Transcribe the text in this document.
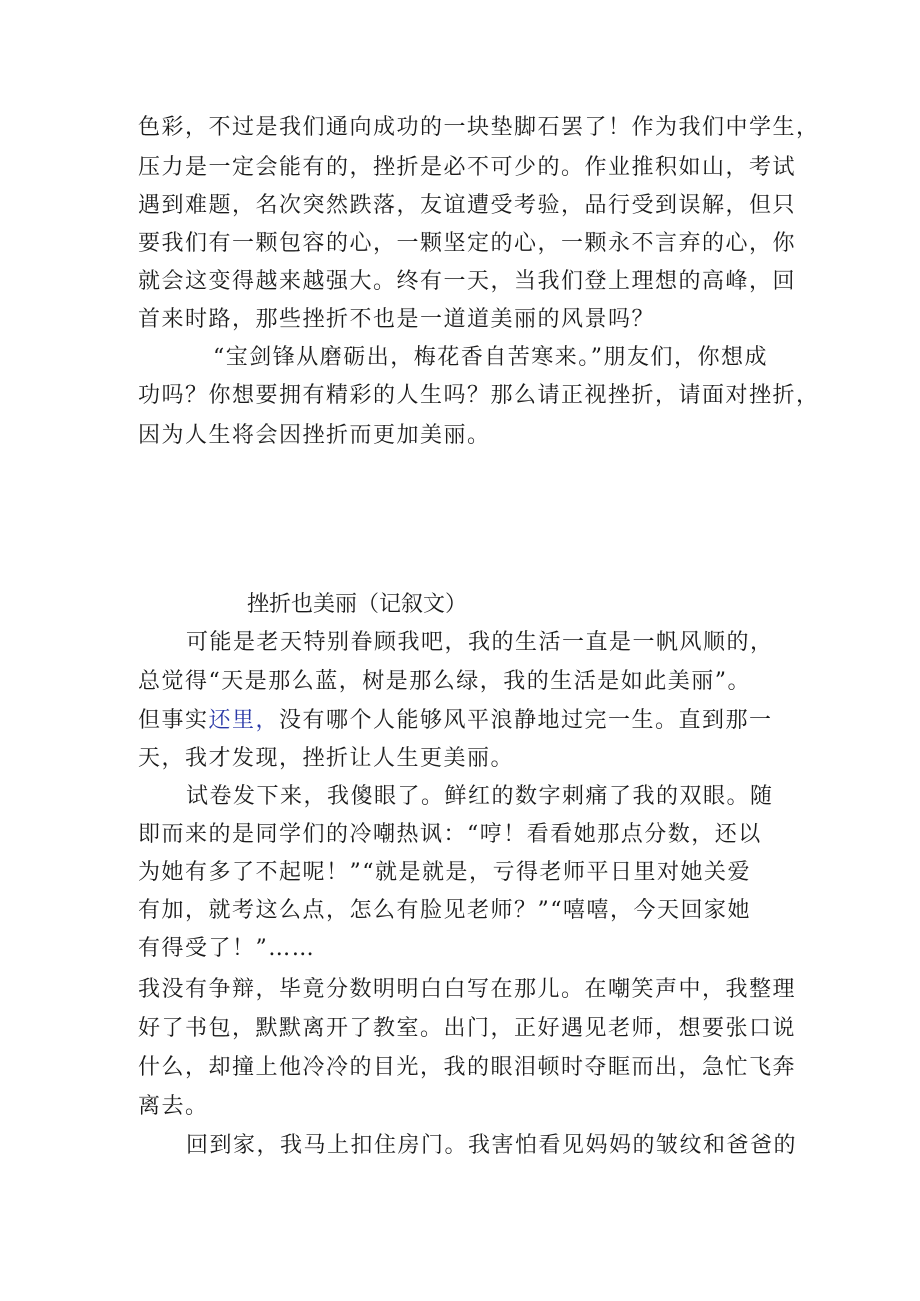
色彩，不过是我们通向成功的一块垫脚石罢了！作为我们中学生，
压力是一定会能有的，挫折是必不可少的。作业推积如山，考试
遇到难题，名次突然跌落，友谊遭受考验，品行受到误解，但只
要我们有一颗包容的心，一颗坚定的心，一颗永不言弃的心，你
就会这变得越来越强大。终有一天，当我们登上理想的高峰，回
首来时路，那些挫折不也是一道道美丽的风景吗？
“宝剑锋从磨砺出，梅花香自苦寒来。”朋友们，你想成
功吗？你想要拥有精彩的人生吗？那么请正视挫折，请面对挫折，
因为人生将会因挫折而更加美丽。
挫折也美丽（记叙文）
可能是老天特别眷顾我吧，我的生活一直是一帆风顺的，
总觉得“天是那么蓝，树是那么绿，我的生活是如此美丽”。
但事实还里，没有哪个人能够风平浪静地过完一生。直到那一
天，我才发现，挫折让人生更美丽。
试卷发下来，我傻眼了。鲜红的数字刺痛了我的双眼。随
即而来的是同学们的冷嘲热讽：“哼！看看她那点分数，还以
为她有多了不起呢！”“就是就是，亏得老师平日里对她关爱
有加，就考这么点，怎么有脸见老师？”“嘻嘻，今天回家她
有得受了！”……
我没有争辩，毕竟分数明明白白写在那儿。在嘲笑声中，我整理
好了书包，默默离开了教室。出门，正好遇见老师，想要张口说
什么，却撞上他冷冷的目光，我的眼泪顿时夺眶而出，急忙飞奔
离去。
回到家，我马上扣住房门。我害怕看见妈妈的皱纹和爸爸的
